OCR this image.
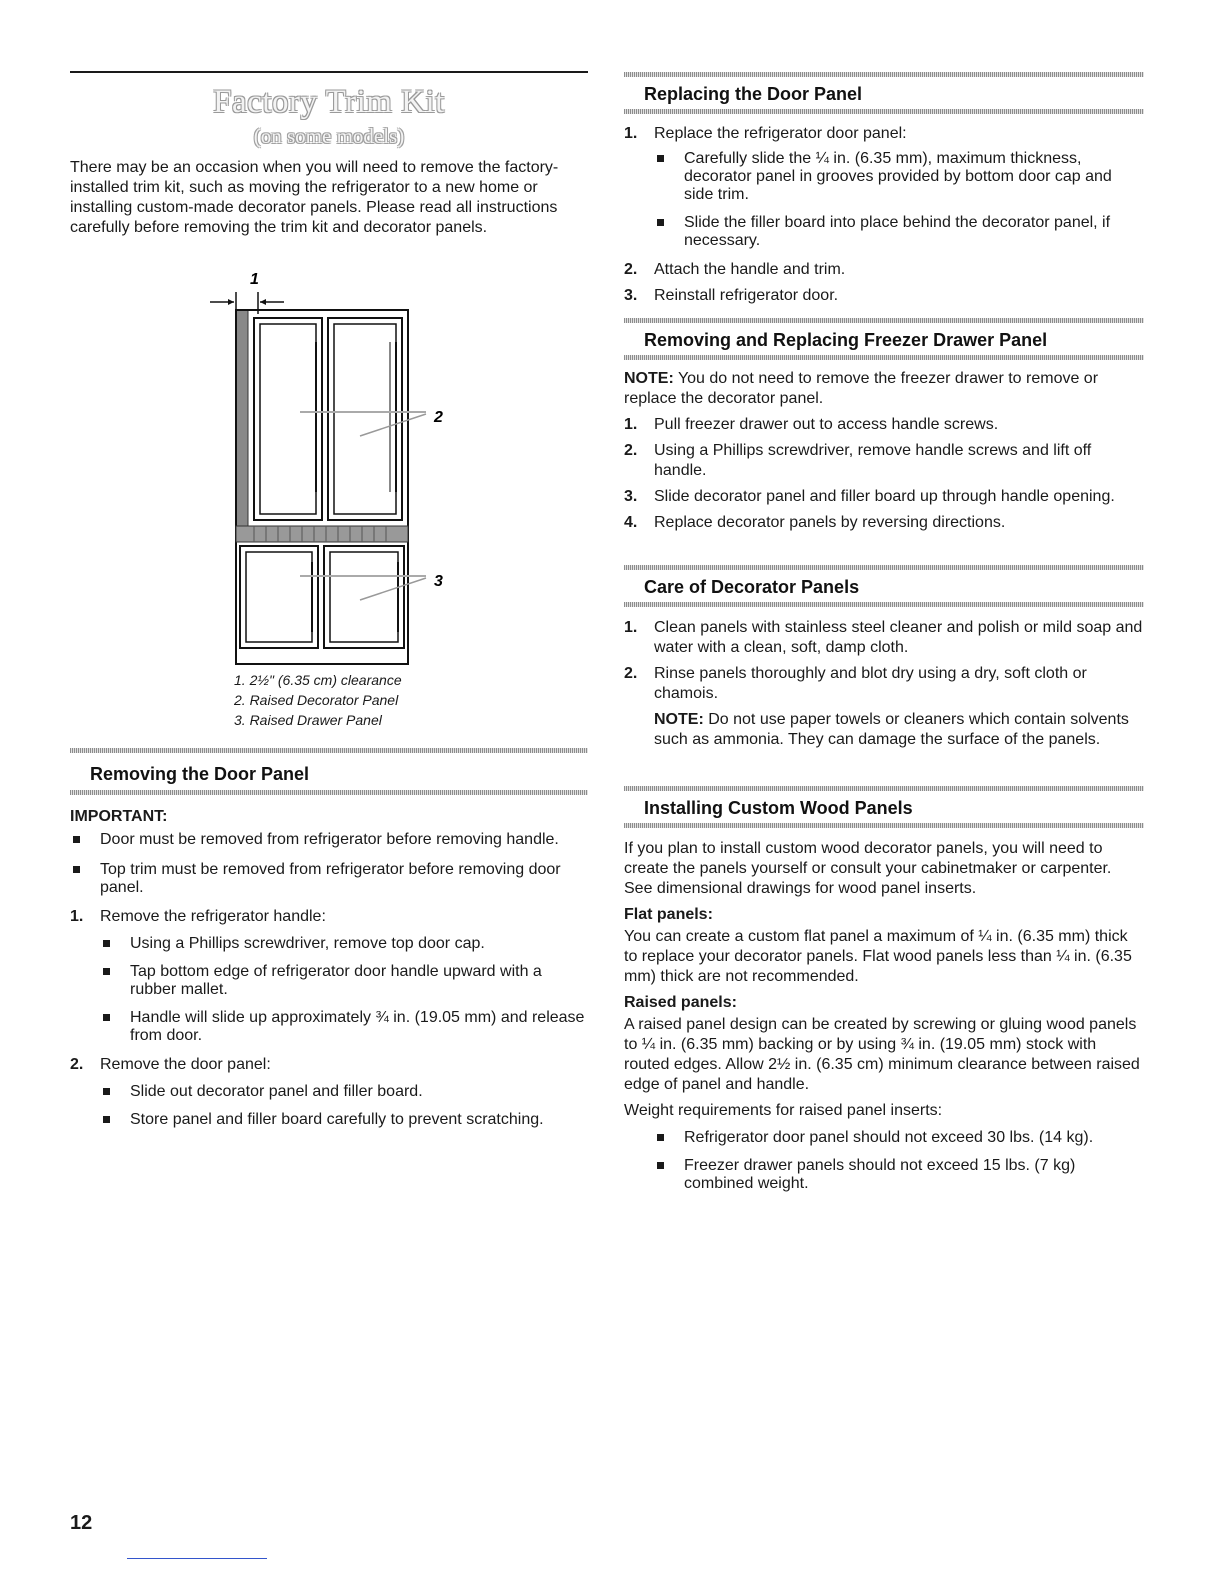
Factory Trim Kit
(on some models)

There may be an occasion when you will need to remove the factory-installed trim kit, such as moving the refrigerator to a new home or installing custom-made decorator panels. Please read all instructions carefully before removing the trim kit and decorator panels.

1
2
3
1. 2½" (6.35 cm) clearance
2. Raised Decorator Panel
3. Raised Drawer Panel

Removing the Door Panel

IMPORTANT:

Door must be removed from refrigerator before removing handle.
Top trim must be removed from refrigerator before removing door panel.
1. Remove the refrigerator handle:
Using a Phillips screwdriver, remove top door cap.
Tap bottom edge of refrigerator door handle upward with a rubber mallet.
Handle will slide up approximately ¾ in. (19.05 mm) and release from door.
2. Remove the door panel:
Slide out decorator panel and filler board.
Store panel and filler board carefully to prevent scratching.

Replacing the Door Panel

1. Replace the refrigerator door panel:
Carefully slide the ¼ in. (6.35 mm), maximum thickness, decorator panel in grooves provided by bottom door cap and side trim.
Slide the filler board into place behind the decorator panel, if necessary.
2. Attach the handle and trim.
3. Reinstall refrigerator door.

Removing and Replacing Freezer Drawer Panel

NOTE: You do not need to remove the freezer drawer to remove or replace the decorator panel.

1. Pull freezer drawer out to access handle screws.
2. Using a Phillips screwdriver, remove handle screws and lift off handle.
3. Slide decorator panel and filler board up through handle opening.
4. Replace decorator panels by reversing directions.

Care of Decorator Panels

1. Clean panels with stainless steel cleaner and polish or mild soap and water with a clean, soft, damp cloth.
2. Rinse panels thoroughly and blot dry using a dry, soft cloth or chamois.

NOTE: Do not use paper towels or cleaners which contain solvents such as ammonia. They can damage the surface of the panels.

Installing Custom Wood Panels

If you plan to install custom wood decorator panels, you will need to create the panels yourself or consult your cabinetmaker or carpenter. See dimensional drawings for wood panel inserts.

Flat panels:

You can create a custom flat panel a maximum of ¼ in. (6.35 mm) thick to replace your decorator panels. Flat wood panels less than ¼ in. (6.35 mm) thick are not recommended.

Raised panels:

A raised panel design can be created by screwing or gluing wood panels to ¼ in. (6.35 mm) backing or by using ¾ in. (19.05 mm) stock with routed edges. Allow 2½ in. (6.35 cm) minimum clearance between raised edge of panel and handle.

Weight requirements for raised panel inserts:

Refrigerator door panel should not exceed 30 lbs. (14 kg).
Freezer drawer panels should not exceed 15 lbs. (7 kg) combined weight.
12
